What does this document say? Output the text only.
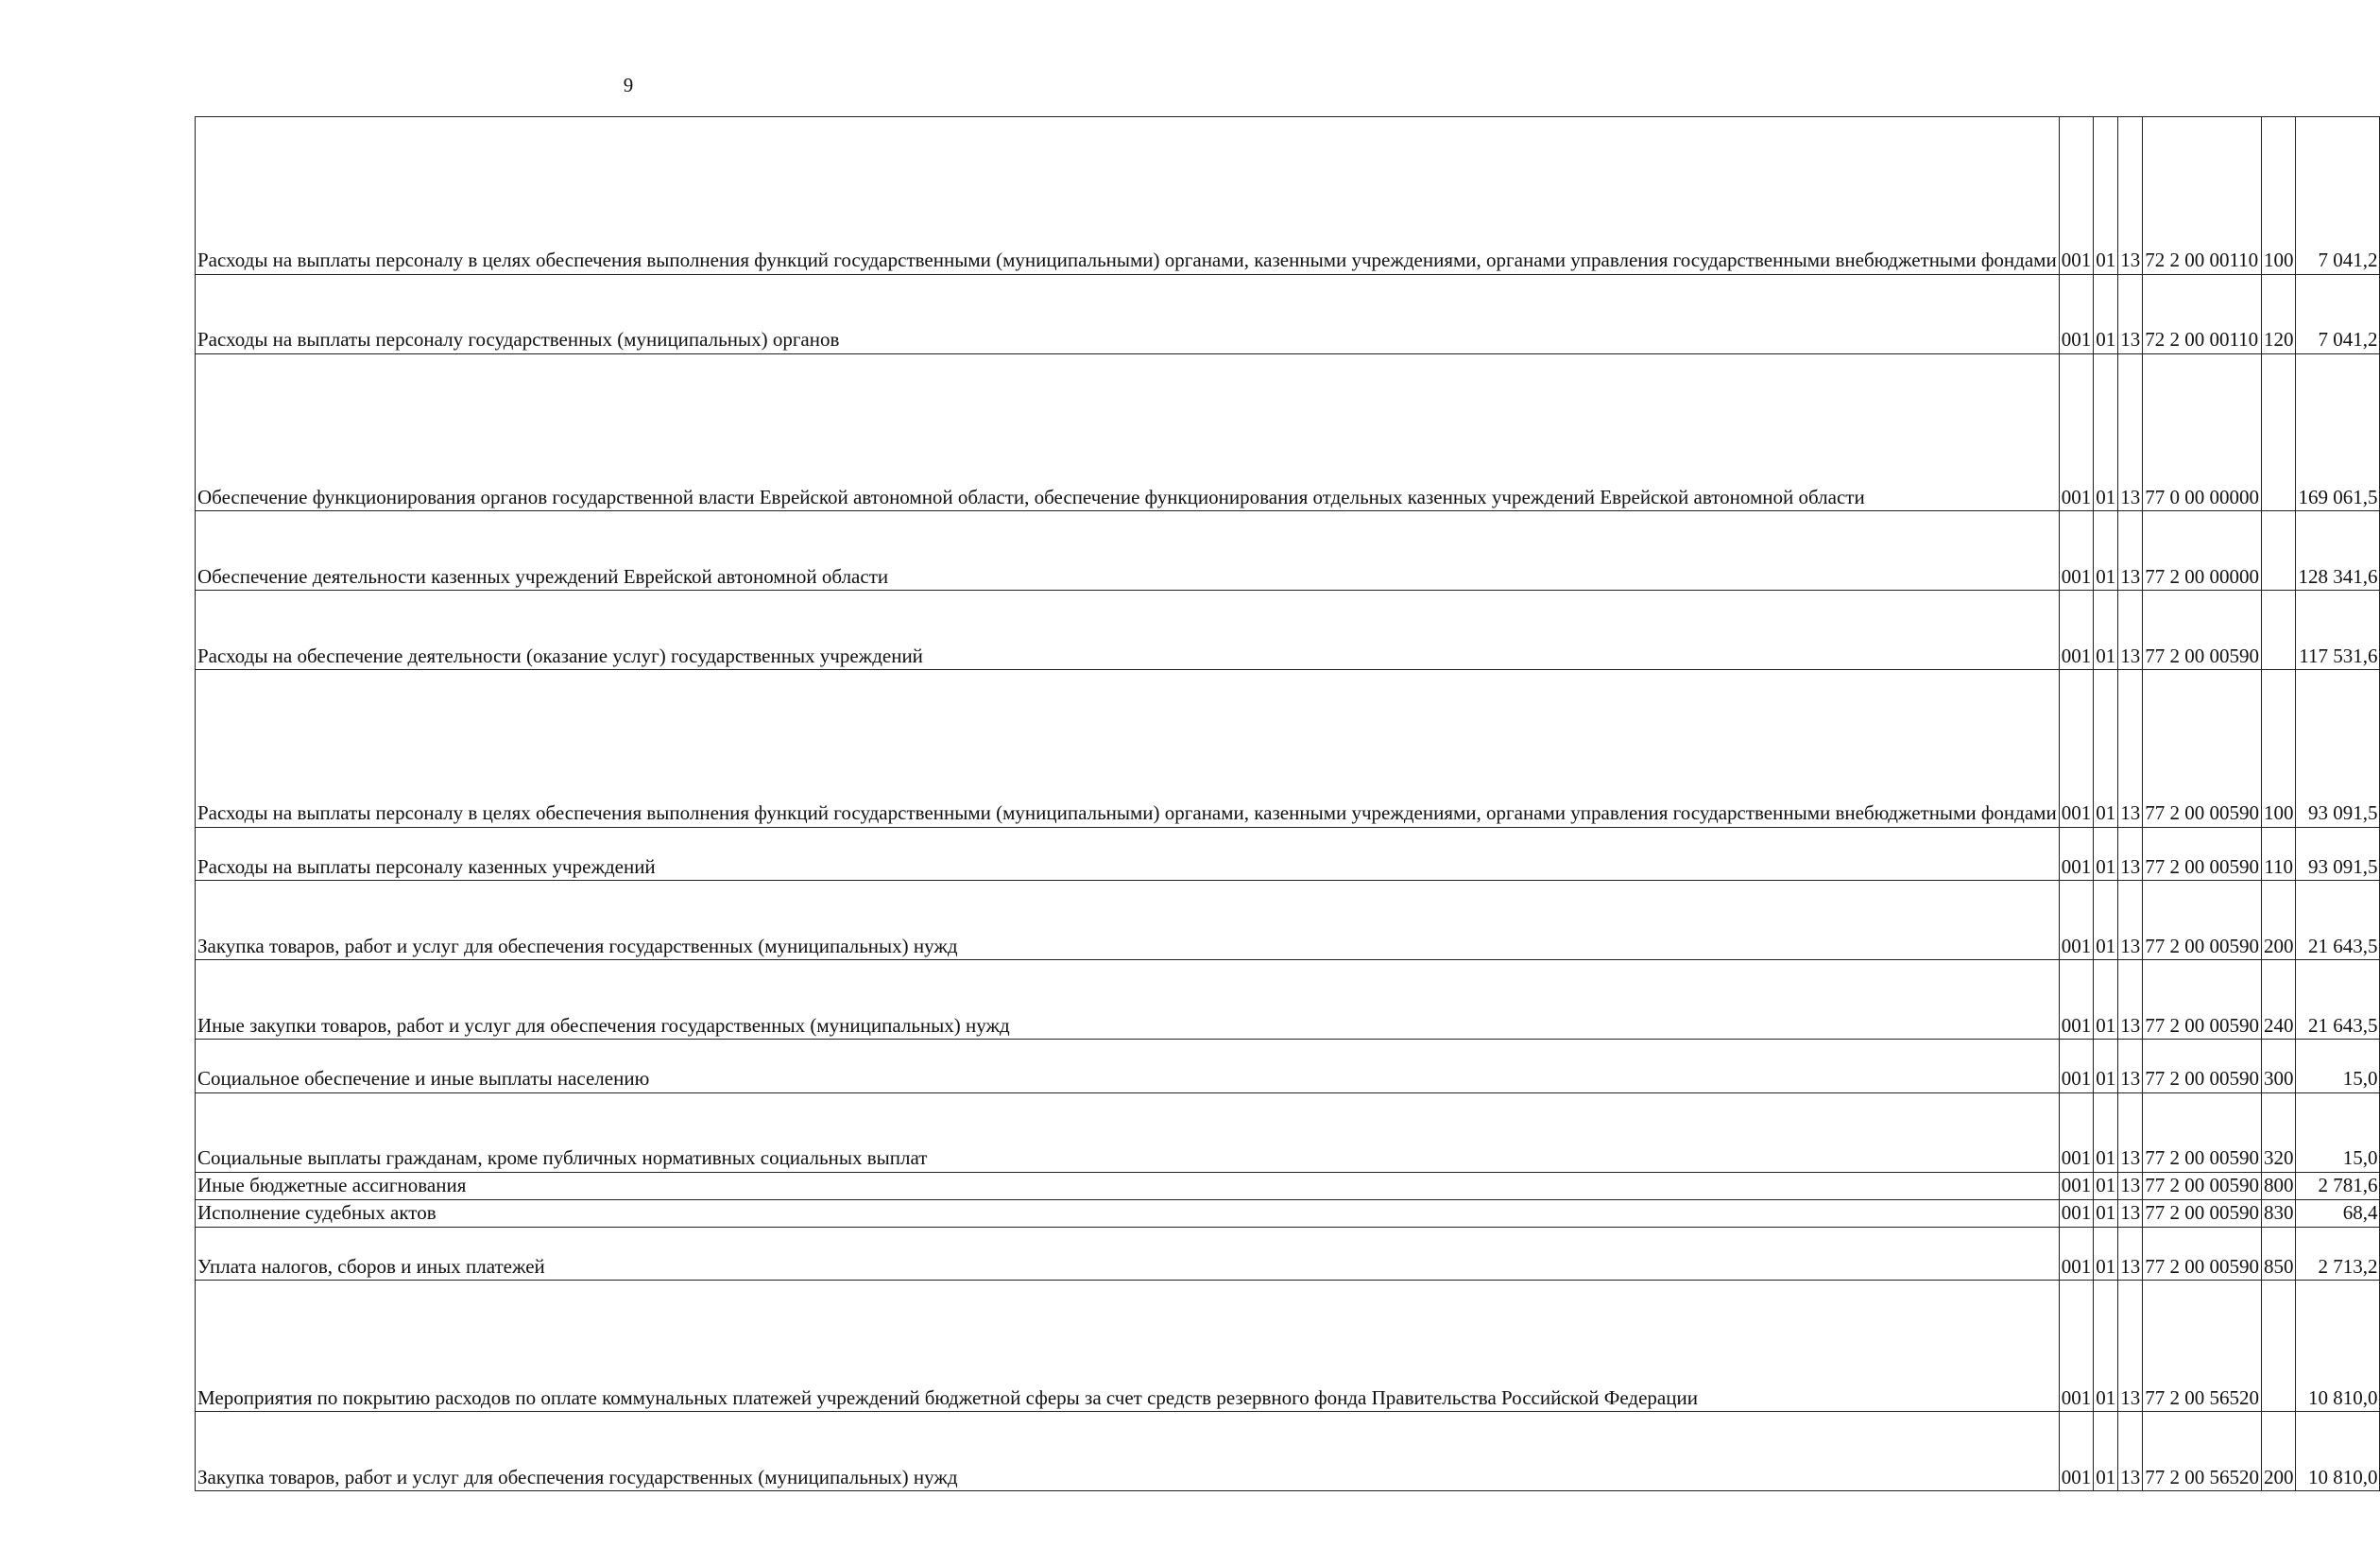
9
Расходы на выплаты персоналу в целях обеспечения выполнения функций государственными (муниципальными) органами, казенными учреждениями, органами управления государственными внебюджетными фондами	001	01	13	72 2 00 00110	100	7 041,2
Расходы на выплаты персоналу государственных (муниципальных) органов	001	01	13	72 2 00 00110	120	7 041,2
Обеспечение функционирования органов государственной власти Еврейской автономной области, обеспечение функционирования отдельных казенных учреждений Еврейской автономной области	001	01	13	77 0 00 00000		169 061,5
Обеспечение деятельности казенных учреждений Еврейской автономной области	001	01	13	77 2 00 00000		128 341,6
Расходы на обеспечение деятельности (оказание услуг) государственных учреждений	001	01	13	77 2 00 00590		117 531,6
Расходы на выплаты персоналу в целях обеспечения выполнения функций государственными (муниципальными) органами, казенными учреждениями, органами управления государственными внебюджетными фондами	001	01	13	77 2 00 00590	100	93 091,5
Расходы на выплаты персоналу казенных учреждений	001	01	13	77 2 00 00590	110	93 091,5
Закупка товаров, работ и услуг для обеспечения государственных (муниципальных) нужд	001	01	13	77 2 00 00590	200	21 643,5
Иные закупки товаров, работ и услуг для обеспечения государственных (муниципальных) нужд	001	01	13	77 2 00 00590	240	21 643,5
Социальное обеспечение и иные выплаты населению	001	01	13	77 2 00 00590	300	15,0
Социальные выплаты гражданам, кроме публичных нормативных социальных выплат	001	01	13	77 2 00 00590	320	15,0
Иные бюджетные ассигнования	001	01	13	77 2 00 00590	800	2 781,6
Исполнение судебных актов	001	01	13	77 2 00 00590	830	68,4
Уплата налогов, сборов и иных платежей	001	01	13	77 2 00 00590	850	2 713,2
Мероприятия по покрытию расходов по оплате коммунальных платежей учреждений бюджетной сферы за счет средств резервного фонда Правительства Российской Федерации	001	01	13	77 2 00 56520		10 810,0
Закупка товаров, работ и услуг для обеспечения государственных (муниципальных) нужд	001	01	13	77 2 00 56520	200	10 810,0
